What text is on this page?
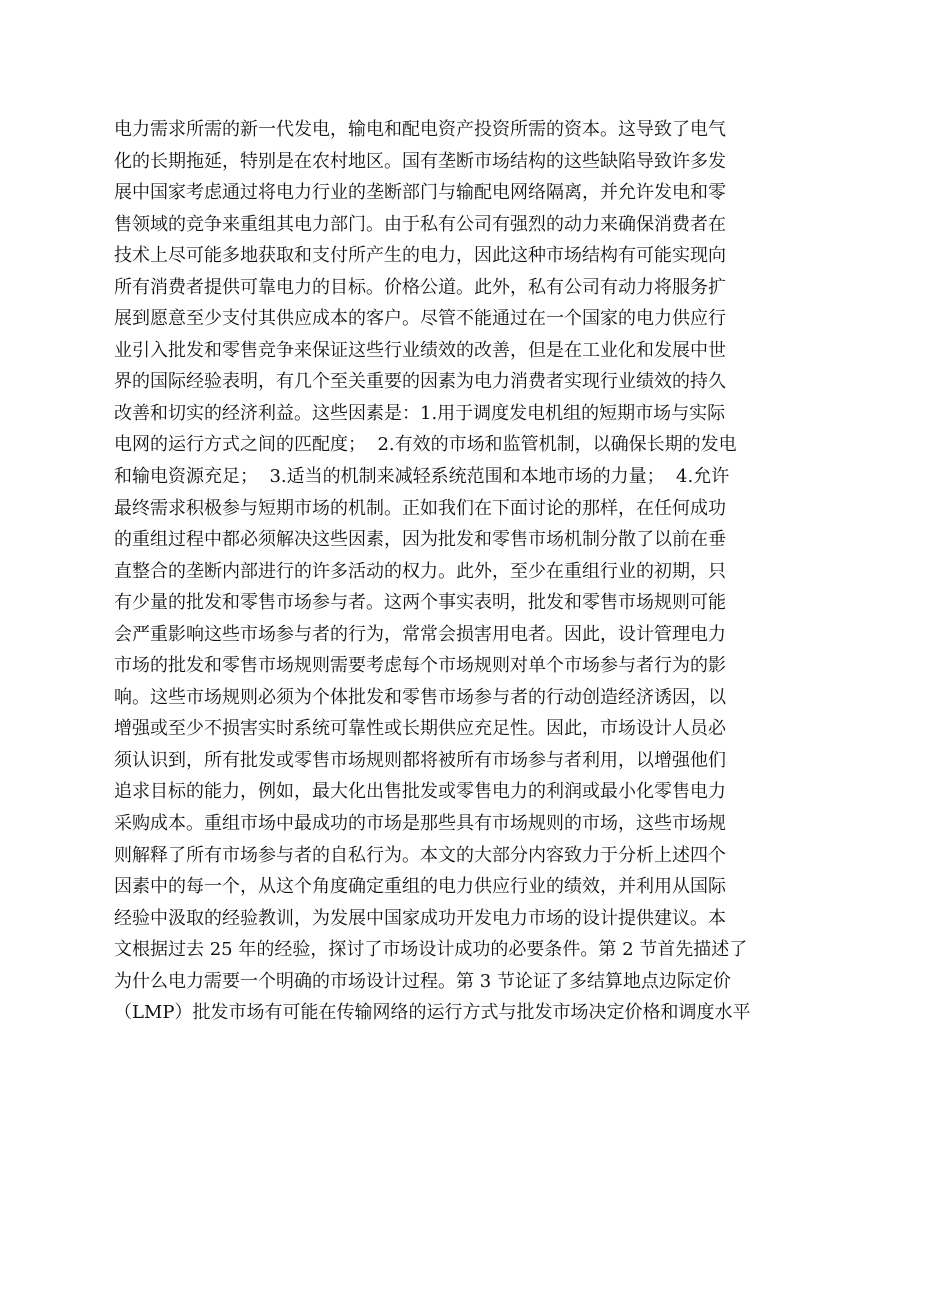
电力需求所需的新一代发电，输电和配电资产投资所需的资本。这导致了电气
化的长期拖延，特别是在农村地区。国有垄断市场结构的这些缺陷导致许多发
展中国家考虑通过将电力行业的垄断部门与输配电网络隔离，并允许发电和零
售领域的竞争来重组其电力部门。由于私有公司有强烈的动力来确保消费者在
技术上尽可能多地获取和支付所产生的电力，因此这种市场结构有可能实现向
所有消费者提供可靠电力的目标。价格公道。此外，私有公司有动力将服务扩
展到愿意至少支付其供应成本的客户。尽管不能通过在一个国家的电力供应行
业引入批发和零售竞争来保证这些行业绩效的改善，但是在工业化和发展中世
界的国际经验表明，有几个至关重要的因素为电力消费者实现行业绩效的持久
改善和切实的经济利益。这些因素是：1.用于调度发电机组的短期市场与实际
电网的运行方式之间的匹配度；  2.有效的市场和监管机制，以确保长期的发电
和输电资源充足；  3.适当的机制来减轻系统范围和本地市场的力量；  4.允许
最终需求积极参与短期市场的机制。正如我们在下面讨论的那样，在任何成功
的重组过程中都必须解决这些因素，因为批发和零售市场机制分散了以前在垂
直整合的垄断内部进行的许多活动的权力。此外，至少在重组行业的初期，只
有少量的批发和零售市场参与者。这两个事实表明，批发和零售市场规则可能
会严重影响这些市场参与者的行为，常常会损害用电者。因此，设计管理电力
市场的批发和零售市场规则需要考虑每个市场规则对单个市场参与者行为的影
响。这些市场规则必须为个体批发和零售市场参与者的行动创造经济诱因，以
增强或至少不损害实时系统可靠性或长期供应充足性。因此，市场设计人员必
须认识到，所有批发或零售市场规则都将被所有市场参与者利用，以增强他们
追求目标的能力，例如，最大化出售批发或零售电力的利润或最小化零售电力
采购成本。重组市场中最成功的市场是那些具有市场规则的市场，这些市场规
则解释了所有市场参与者的自私行为。本文的大部分内容致力于分析上述四个
因素中的每一个，从这个角度确定重组的电力供应行业的绩效，并利用从国际
经验中汲取的经验教训，为发展中国家成功开发电力市场的设计提供建议。本
文根据过去 25 年的经验，探讨了市场设计成功的必要条件。第 2 节首先描述了
为什么电力需要一个明确的市场设计过程。第 3 节论证了多结算地点边际定价
（LMP）批发市场有可能在传输网络的运行方式与批发市场决定价格和调度水平
